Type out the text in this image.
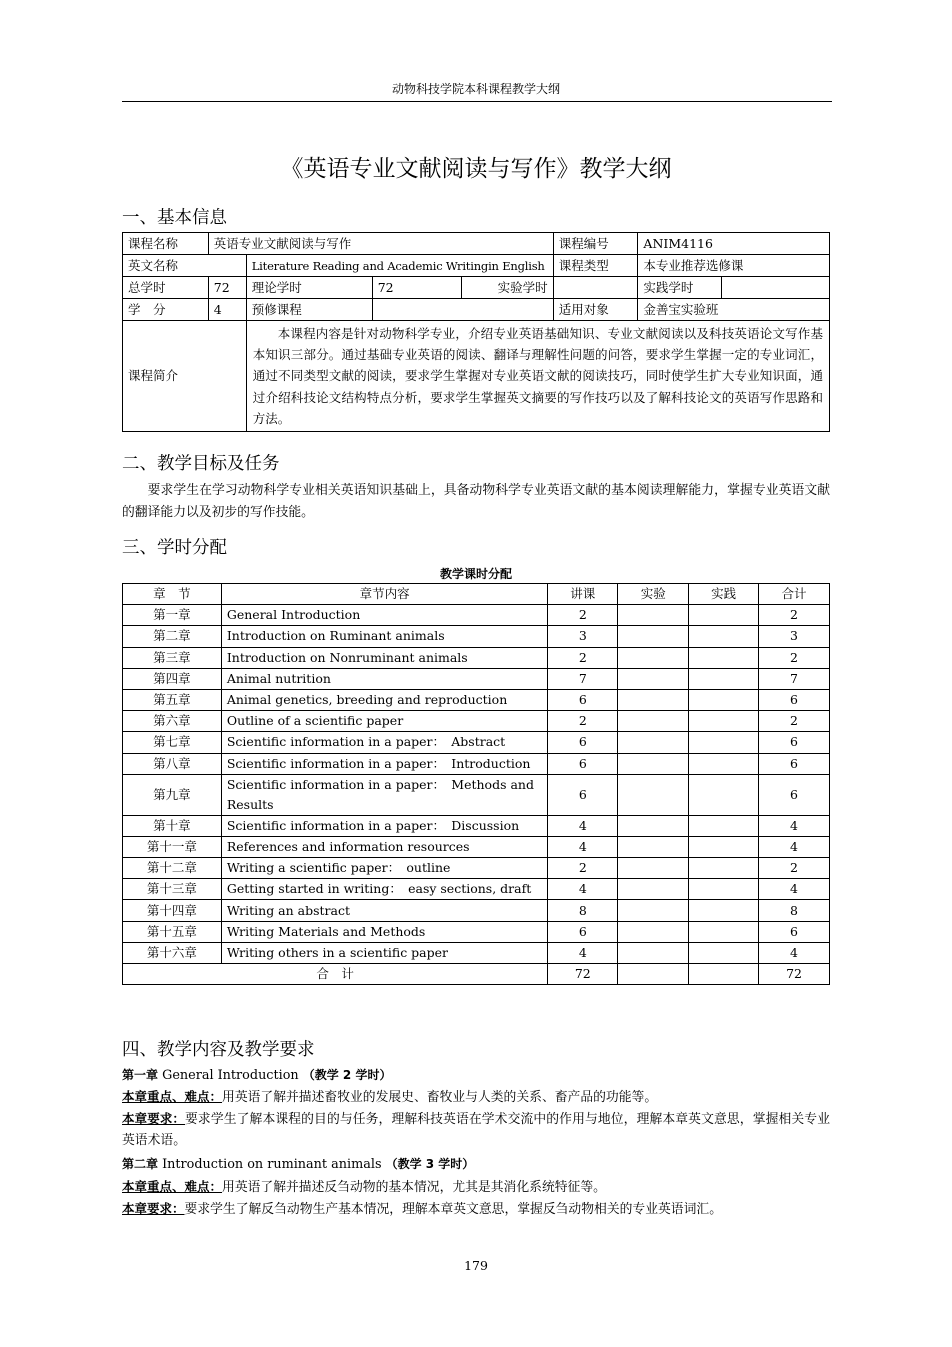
动物科技学院本科课程教学大纲
《英语专业文献阅读与写作》教学大纲
一、基本信息
课程名称	英语专业文献阅读与写作				课程编号	ANIM4116	
英文名称		Literature Reading and Academic Writingin English			课程类型	本专业推荐选修课	
总学时	72	理论学时	72	实验学时		实践学时	
学　分	4	预修课程			适用对象	金善宝实验班	
课程简介		本课程内容是针对动物科学专业，介绍专业英语基础知识、专业文献阅读以及科技英语论文写作基本知识三部分。通过基础专业英语的阅读、翻译与理解性问题的问答，要求学生掌握一定的专业词汇，通过不同类型文献的阅读，要求学生掌握对专业英语文献的阅读技巧，同时使学生扩大专业知识面，通过介绍科技论文结构特点分析，要求学生掌握英文摘要的写作技巧以及了解科技论文的英语写作思路和方法。					
二、教学目标及任务
要求学生在学习动物科学专业相关英语知识基础上，具备动物科学专业英语文献的基本阅读理解能力，掌握专业英语文献的翻译能力以及初步的写作技能。
三、学时分配
教学课时分配
章　节	章节内容	讲课	实验	实践	合计
第一章	General Introduction	2			2
第二章	Introduction on Ruminant animals	3			3
第三章	Introduction on Nonruminant animals	2			2
第四章	Animal nutrition	7			7
第五章	Animal genetics, breeding and reproduction	6			6
第六章	Outline of a scientific paper	2			2
第七章	Scientific information in a paper：　Abstract	6			6
第八章	Scientific information in a paper：　Introduction	6			6
第九章	Scientific information in a paper：　Methods and Results	6			6
第十章	Scientific information in a paper：　Discussion	4			4
第十一章	References and information resources	4			4
第十二章	Writing a scientific paper：　outline	2			2
第十三章	Getting started in writing：　easy sections, draft	4			4
第十四章	Writing an abstract	8			8
第十五章	Writing Materials and Methods	6			6
第十六章	Writing others in a scientific paper	4			4
合　计		72			72
四、教学内容及教学要求
第一章 General Introduction （教学 2 学时）
本章重点、难点：用英语了解并描述畜牧业的发展史、畜牧业与人类的关系、畜产品的功能等。
本章要求：要求学生了解本课程的目的与任务，理解科技英语在学术交流中的作用与地位，理解本章英文意思，掌握相关专业英语术语。
第二章 Introduction on ruminant animals （教学 3 学时）
本章重点、难点：用英语了解并描述反刍动物的基本情况，尤其是其消化系统特征等。
本章要求：要求学生了解反刍动物生产基本情况，理解本章英文意思，掌握反刍动物相关的专业英语词汇。
179
